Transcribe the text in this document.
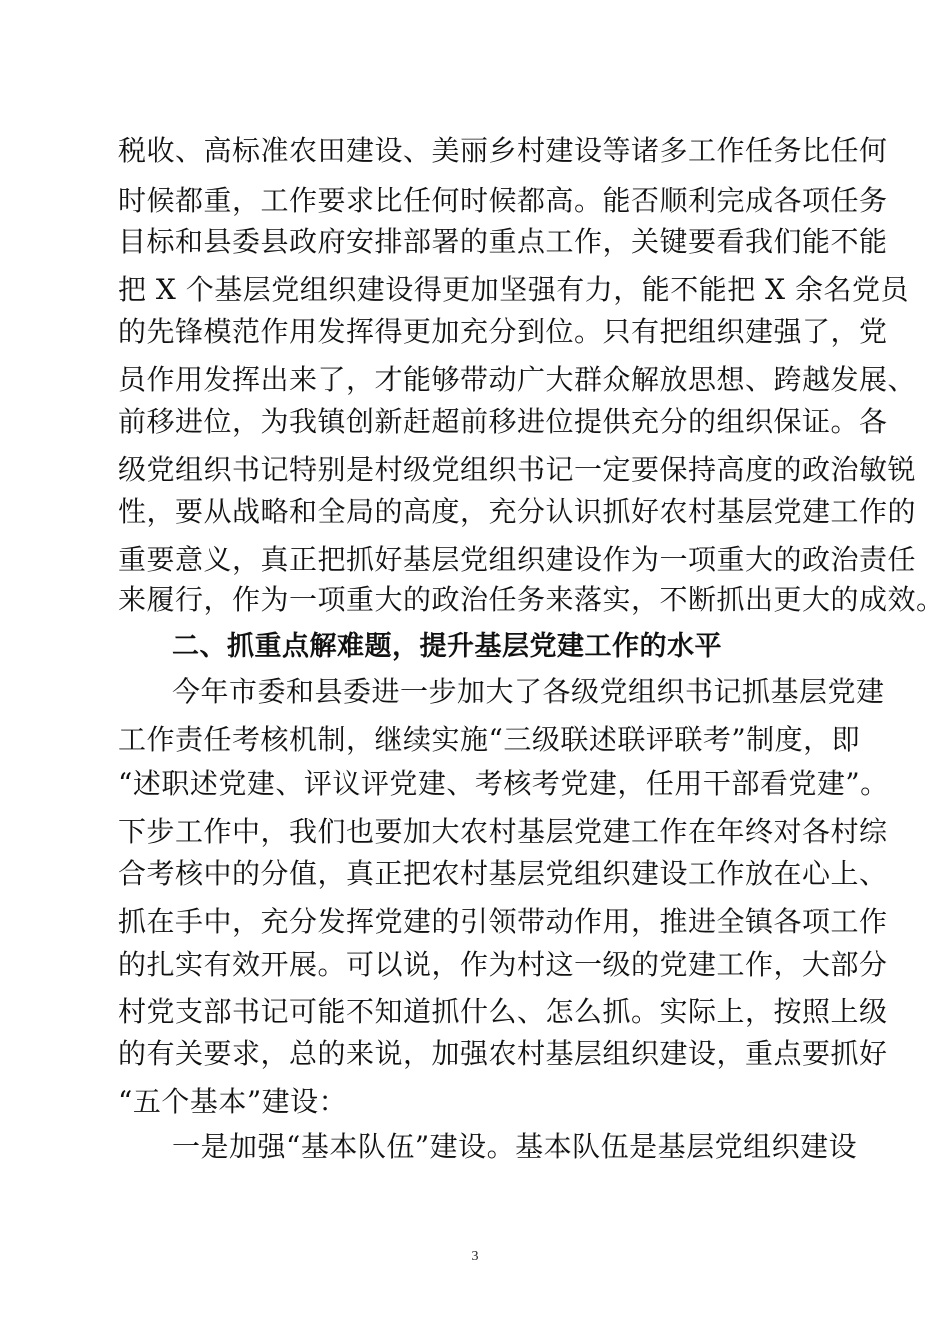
税收、高标准农田建设、美丽乡村建设等诸多工作任务比任何
时候都重，工作要求比任何时候都高。能否顺利完成各项任务
目标和县委县政府安排部署的重点工作，关键要看我们能不能
把 X 个基层党组织建设得更加坚强有力，能不能把 X 余名党员
的先锋模范作用发挥得更加充分到位。只有把组织建强了，党
员作用发挥出来了，才能够带动广大群众解放思想、跨越发展、
前移进位，为我镇创新赶超前移进位提供充分的组织保证。各
级党组织书记特别是村级党组织书记一定要保持高度的政治敏锐
性，要从战略和全局的高度，充分认识抓好农村基层党建工作的
重要意义，真正把抓好基层党组织建设作为一项重大的政治责任
来履行，作为一项重大的政治任务来落实，不断抓出更大的成效。
二、抓重点解难题，提升基层党建工作的水平
今年市委和县委进一步加大了各级党组织书记抓基层党建
工作责任考核机制，继续实施“三级联述联评联考”制度，即
“述职述党建、评议评党建、考核考党建，任用干部看党建”。
下步工作中，我们也要加大农村基层党建工作在年终对各村综
合考核中的分值，真正把农村基层党组织建设工作放在心上、
抓在手中，充分发挥党建的引领带动作用，推进全镇各项工作
的扎实有效开展。可以说，作为村这一级的党建工作，大部分
村党支部书记可能不知道抓什么、怎么抓。实际上，按照上级
的有关要求，总的来说，加强农村基层组织建设，重点要抓好
“五个基本”建设：
一是加强“基本队伍”建设。基本队伍是基层党组织建设
3
